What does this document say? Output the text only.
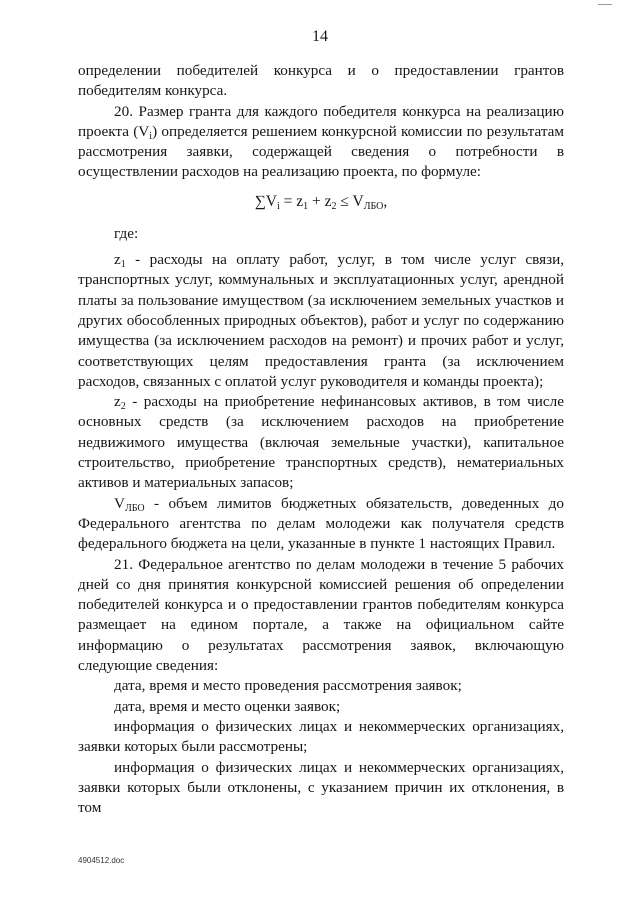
14

определении победителей конкурса и о предоставлении грантов победителям конкурса.

20. Размер гранта для каждого победителя конкурса на реализацию проекта $(V_i)$ определяется решением конкурсной комиссии по результатам рассмотрения заявки, содержащей сведения о потребности в осуществлении расходов на реализацию проекта, по формуле:

$\sum V_i = z_1 + z_2 \le V_{ЛБО}$,

где:

$z_1$ - расходы на оплату работ, услуг, в том числе услуг связи, транспортных услуг, коммунальных и эксплуатационных услуг, арендной платы за пользование имуществом (за исключением земельных участков и других обособленных природных объектов), работ и услуг по содержанию имущества (за исключением расходов на ремонт) и прочих работ и услуг, соответствующих целям предоставления гранта (за исключением расходов, связанных с оплатой услуг руководителя и команды проекта);

$z_2$ - расходы на приобретение нефинансовых активов, в том числе основных средств (за исключением расходов на приобретение недвижимого имущества (включая земельные участки), капитальное строительство, приобретение транспортных средств), нематериальных активов и материальных запасов;

$V_{ЛБО}$ - объем лимитов бюджетных обязательств, доведенных до Федерального агентства по делам молодежи как получателя средств федерального бюджета на цели, указанные в пункте 1 настоящих Правил.

21. Федеральное агентство по делам молодежи в течение 5 рабочих дней со дня принятия конкурсной комиссией решения об определении победителей конкурса и о предоставлении грантов победителям конкурса размещает на едином портале, а также на официальном сайте информацию о результатах рассмотрения заявок, включающую следующие сведения:

дата, время и место проведения рассмотрения заявок;

дата, время и место оценки заявок;

информация о физических лицах и некоммерческих организациях, заявки которых были рассмотрены;

информация о физических лицах и некоммерческих организациях, заявки которых были отклонены, с указанием причин их отклонения, в том

4904512.doc
